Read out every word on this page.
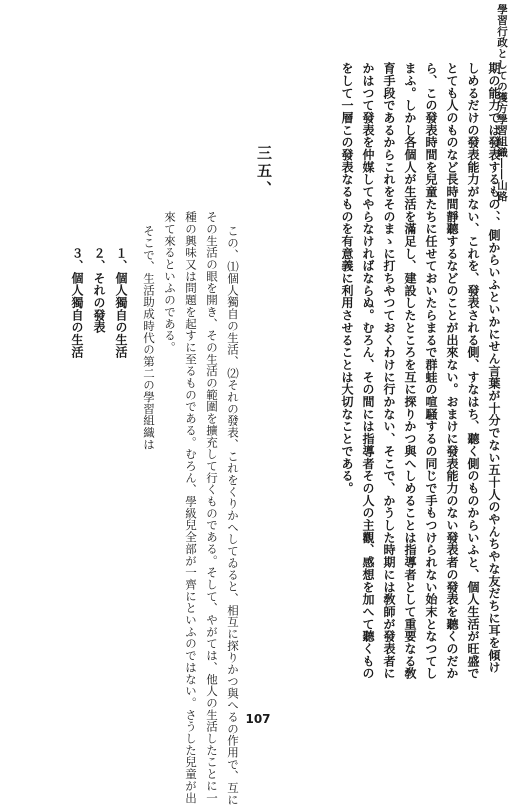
學習行政としての獲方學習組織――山路
期の能力では發表するもの、、側からいふといかにせん言葉が十分でない五十人のやんちやな友だちに耳を傾け
しめるだけの發表能力がない、これを、發表される側、すなはち、聽く側のものからいふと、個人生活が旺盛で
とても人のものなど長時間靜聽するなどのことが出來ない。おまけに發表能力のない發表者の發表を聽くのだか
ら、この發表時間を兒童たちに任せておいたらまるで群蛙の喧騒するの同じで手もつけられない始末となつてし
まふ。しかし各個人が生活を滿足し、建設したところを互に探りかつ與へしめることは指導者として重要なる敎
育手段であるからこれをそのまゝに打ちやつておくわけに行かない、そこで、かうした時期には敎師が發表者に
かはつて發表を仲媒してやらなければならぬ。むろん、その間には指導者その人の主觀、感想を加へて聽くもの
をして一層この發表なるものを有意義に利用させることは大切なことである。
三五、
この、⑴個人獨自の生活、⑵それの發表、これをくりかへしてゐると、相互に探りかつ與へるの作用で、互に
その生活の眼を開き、その生活の範圍を擴充して行くものである。そして、やがては、他人の生活したことに一
種の興味又は問題を起すに至るものである。むろん、學級兒全部が一齊にといふのではない。さうした兒童が出
來て來るといふのである。
そこで、生活助成時代の第二の學習組織は
１、個人獨自の生活
２、それの發表
３、個人獨自の生活
107
